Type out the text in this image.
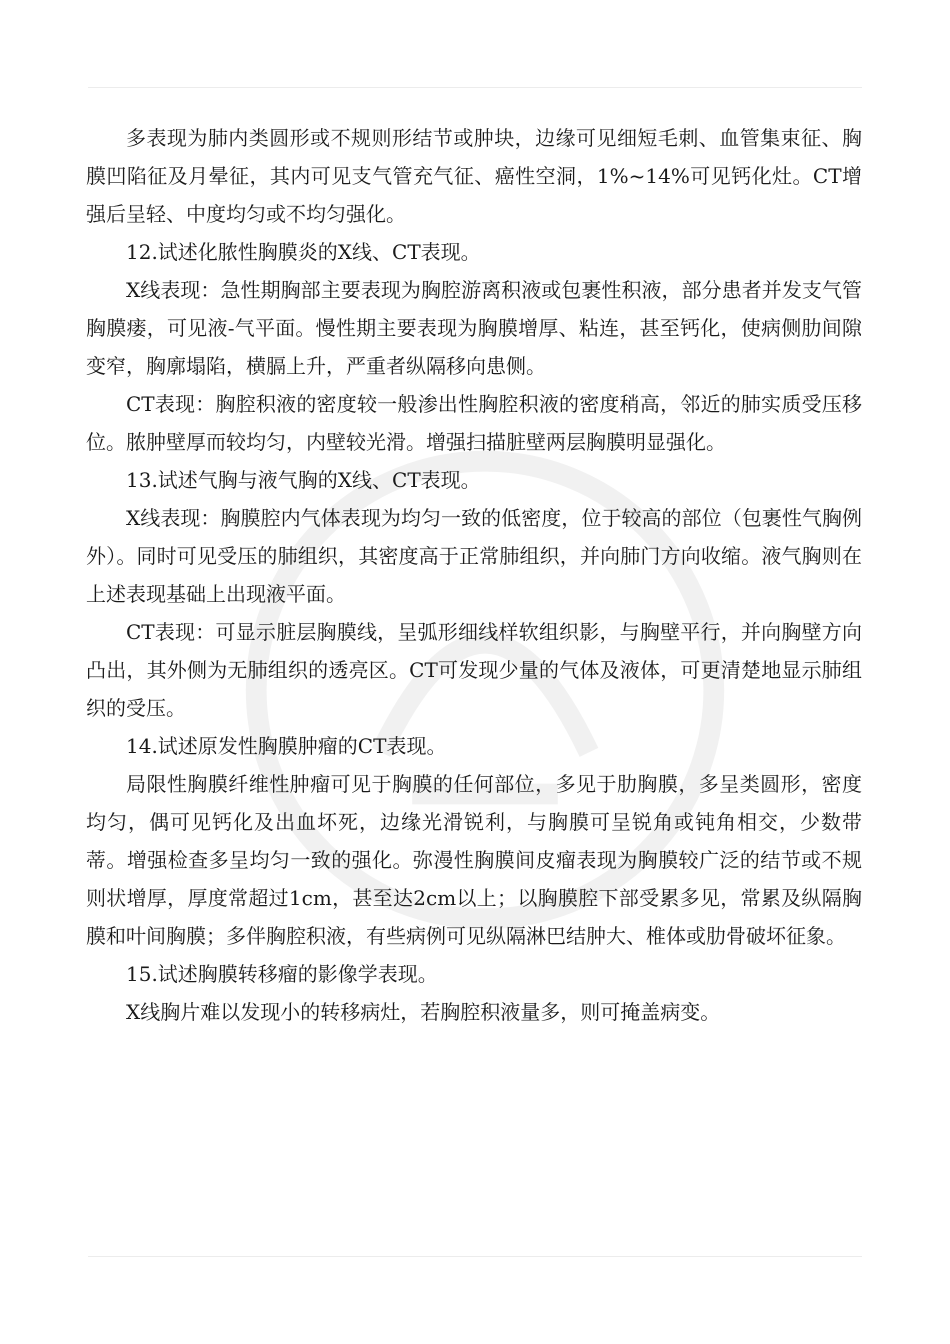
多表现为肺内类圆形或不规则形结节或肿块，边缘可见细短毛刺、血管集束征、胸膜凹陷征及月晕征，其内可见支气管充气征、癌性空洞，1%~14%可见钙化灶。CT增强后呈轻、中度均匀或不均匀强化。

12.试述化脓性胸膜炎的X线、CT表现。

X线表现：急性期胸部主要表现为胸腔游离积液或包裹性积液，部分患者并发支气管胸膜瘘，可见液-气平面。慢性期主要表现为胸膜增厚、粘连，甚至钙化，使病侧肋间隙变窄，胸廓塌陷，横膈上升，严重者纵隔移向患侧。

CT表现：胸腔积液的密度较一般渗出性胸腔积液的密度稍高，邻近的肺实质受压移位。脓肿壁厚而较均匀，内壁较光滑。增强扫描脏壁两层胸膜明显强化。

13.试述气胸与液气胸的X线、CT表现。

X线表现：胸膜腔内气体表现为均匀一致的低密度，位于较高的部位（包裹性气胸例外）。同时可见受压的肺组织，其密度高于正常肺组织，并向肺门方向收缩。液气胸则在上述表现基础上出现液平面。

CT表现：可显示脏层胸膜线，呈弧形细线样软组织影，与胸壁平行，并向胸壁方向凸出，其外侧为无肺组织的透亮区。CT可发现少量的气体及液体，可更清楚地显示肺组织的受压。

14.试述原发性胸膜肿瘤的CT表现。

局限性胸膜纤维性肿瘤可见于胸膜的任何部位，多见于肋胸膜，多呈类圆形，密度均匀，偶可见钙化及出血坏死，边缘光滑锐利，与胸膜可呈锐角或钝角相交，少数带蒂。增强检查多呈均匀一致的强化。弥漫性胸膜间皮瘤表现为胸膜较广泛的结节或不规则状增厚，厚度常超过1cm，甚至达2cm以上；以胸膜腔下部受累多见，常累及纵隔胸膜和叶间胸膜；多伴胸腔积液，有些病例可见纵隔淋巴结肿大、椎体或肋骨破坏征象。

15.试述胸膜转移瘤的影像学表现。

X线胸片难以发现小的转移病灶，若胸腔积液量多，则可掩盖病变。
